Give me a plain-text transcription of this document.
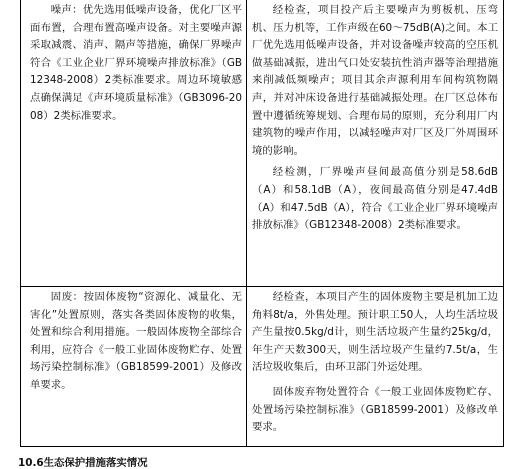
噪声：优先选用低噪声设备，优化厂区平面布置，合理布置高噪声设备。对主要噪声源采取减震、消声、隔声等措施，确保厂界噪声符合《工业企业厂界环境噪声排放标准》（GB12348-2008）2类标准要求。周边环境敏感点确保满足《声环境质量标准》（GB3096-2008）2类标准要求。

经检查，项目投产后主要噪声为剪板机、压弯机、压力机等，工作声级在60～75dB(A)之间。本工厂优先选用低噪声设备，并对设备噪声较高的空压机做基础减振，进出气口处安装抗性消声器等治理措施来削减低频噪声；项目其余声源利用车间构筑物隔声，并对冲床设备进行基础减振处理。在厂区总体布置中遵循统筹规划、合理布局的原则，充分利用厂内建筑物的噪声作用，以减轻噪声对厂区及厂外周围环境的影响。

经检测，厂界噪声昼间最高值分别是58.6dB（A）和58.1dB（A），夜间最高值分别是47.4dB（A）和47.5dB（A），符合《工业企业厂界环境噪声排放标准》（GB12348-2008）2类标准要求。

固废：按固体废物“资源化、减量化、无害化”处置原则，落实各类固体废物的收集，处置和综合利用措施。一般固体废物全部综合利用，应符合《一般工业固体废物贮存、处置场污染控制标准》（GB18599-2001）及修改单要求。

经检查，本项目产生的固体废物主要是机加工边角料8t/a，外售处理。预计职工50人，人均生活垃圾产生量按0.5kg/d计，则生活垃圾产生量约25kg/d，年生产天数300天，则生活垃圾产生量约7.5t/a，生活垃圾收集后，由环卫部门外运处理。

固体废弃物处置符合《一般工业固体废物贮存、处置场污染控制标准》（GB18599-2001）及修改单要求。

10.6生态保护措施落实情况
